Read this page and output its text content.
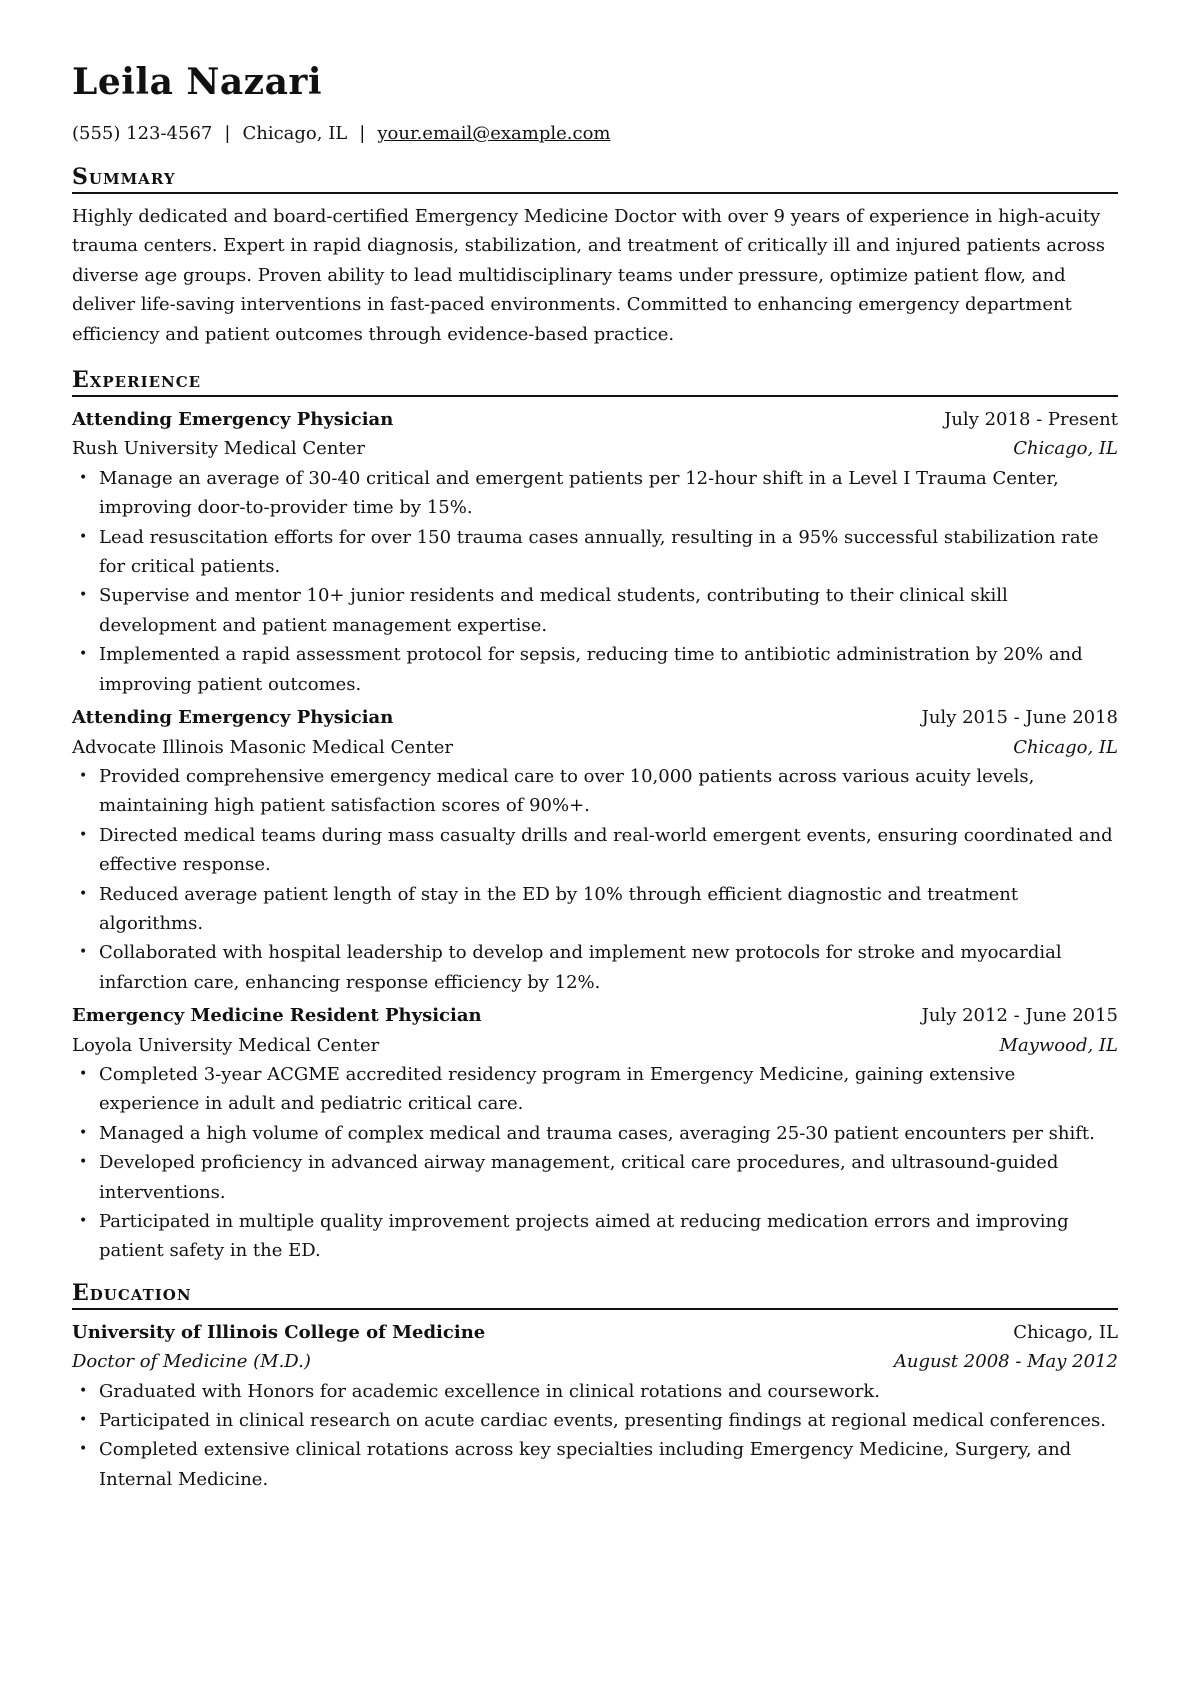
Leila Nazari
(555) 123-4567 | Chicago, IL | your.email@example.com
Summary

Highly dedicated and board-certified Emergency Medicine Doctor with over 9 years of experience in high-acuity trauma centers. Expert in rapid diagnosis, stabilization, and treatment of critically ill and injured patients across diverse age groups. Proven ability to lead multidisciplinary teams under pressure, optimize patient flow, and deliver life-saving interventions in fast-paced environments. Committed to enhancing emergency department efficiency and patient outcomes through evidence-based practice.

Experience
Attending Emergency Physician	July 2018 - Present
Rush University Medical Center	Chicago, IL
• Manage an average of 30-40 critical and emergent patients per 12-hour shift in a Level I Trauma Center, improving door-to-provider time by 15%.
• Lead resuscitation efforts for over 150 trauma cases annually, resulting in a 95% successful stabilization rate for critical patients.
• Supervise and mentor 10+ junior residents and medical students, contributing to their clinical skill development and patient management expertise.
• Implemented a rapid assessment protocol for sepsis, reducing time to antibiotic administration by 20% and improving patient outcomes.
Attending Emergency Physician	July 2015 - June 2018
Advocate Illinois Masonic Medical Center	Chicago, IL
• Provided comprehensive emergency medical care to over 10,000 patients across various acuity levels, maintaining high patient satisfaction scores of 90%+.
• Directed medical teams during mass casualty drills and real-world emergent events, ensuring coordinated and effective response.
• Reduced average patient length of stay in the ED by 10% through efficient diagnostic and treatment algorithms.
• Collaborated with hospital leadership to develop and implement new protocols for stroke and myocardial infarction care, enhancing response efficiency by 12%.
Emergency Medicine Resident Physician	July 2012 - June 2015
Loyola University Medical Center	Maywood, IL
• Completed 3-year ACGME accredited residency program in Emergency Medicine, gaining extensive experience in adult and pediatric critical care.
• Managed a high volume of complex medical and trauma cases, averaging 25-30 patient encounters per shift.
• Developed proficiency in advanced airway management, critical care procedures, and ultrasound-guided interventions.
• Participated in multiple quality improvement projects aimed at reducing medication errors and improving patient safety in the ED.
Education
University of Illinois College of Medicine	Chicago, IL
Doctor of Medicine (M.D.)	August 2008 - May 2012
• Graduated with Honors for academic excellence in clinical rotations and coursework.
• Participated in clinical research on acute cardiac events, presenting findings at regional medical conferences.
• Completed extensive clinical rotations across key specialties including Emergency Medicine, Surgery, and Internal Medicine.
